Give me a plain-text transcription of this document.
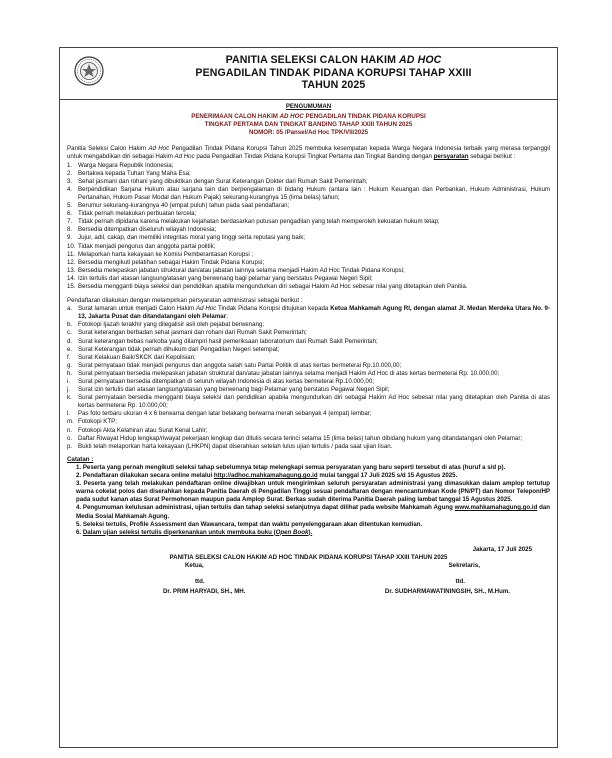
PANITIA SELEKSI CALON HAKIM AD HOC
PENGADILAN TINDAK PIDANA KORUPSI TAHAP XXIII
TAHUN 2025
PENGUMUMAN
PENERIMAAN CALON HAKIM AD HOC PENGADILAN TINDAK PIDANA KORUPSI
TINGKAT PERTAMA DAN TINGKAT BANDING TAHAP XXIII TAHUN 2025
NOMOR: 05 /Pansel/Ad Hoc TPK/VII/2025
Panitia Seleksi Calon Hakim Ad Hoc Pengadilan Tindak Pidana Korupsi Tahun 2025 membuka kesempatan kepada Warga Negara Indonesia terbaik yang merasa terpanggil untuk mengabdikan diri sebagai Hakim Ad Hoc pada Pengadilan Tindak Pidana Korupsi Tingkat Pertama dan Tingkat Banding dengan persyaratan sebagai berikut :
1. Warga Negara Republik Indonesia;
2. Bertakwa kepada Tuhan Yang Maha Esa;
3. Sehat jasmani dan rohani yang dibuktikan dengan Surat Keterangan Dokter dari Rumah Sakit Pemerintah;
4. Berpendidikan Sarjana Hukum atau sarjana lain dan berpengalaman di bidang Hukum (antara lain : Hukum Keuangan dan Perbankan, Hukum Administrasi, Hukum Pertanahan, Hukum Pasar Modal dan Hukum Pajak) sekurang-kurangnya 15 (lima belas) tahun;
5. Berumur sekurang-kurangnya 40 (empat puluh) tahun pada saat pendaftaran;
6. Tidak pernah melakukan perbuatan tercela;
7. Tidak pernah dipidana karena melakukan kejahatan berdasarkan putusan pengadilan yang telah memperoleh kekuatan hukum tetap;
8. Bersedia ditempatkan diseluruh wilayah Indonesia;
9. Jujur, adil, cakap, dan memiliki integritas moral yang tinggi serta reputasi yang baik;
10. Tidak menjadi pengurus dan anggota partai politik;
11. Melaporkan harta kekayaan ke Komisi Pemberantasan Korupsi ;
12. Bersedia mengikuti pelatihan sebagai Hakim Tindak Pidana Korupsi;
13. Bersedia melepaskan jabatan struktural dan/atau jabatan lainnya selama menjadi Hakim Ad Hoc Tindak Pidana Korupsi;
14. Izin tertulis dari atasan langsung/atasan yang berwenang bagi pelamar yang berstatus Pegawai Negeri Sipil;
15. Bersedia mengganti biaya seleksi dan pendidikan apabila mengundurkan diri sebagai Hakim Ad Hoc sebesar nilai yang ditetapkan oleh Panitia.
Pendaftaran dilakukan dengan melampirkan persyaratan administrasi sebagai berikut :
a. Surat lamaran untuk menjadi Calon Hakim Ad Hoc Tindak Pidana Korupsi ditujukan kepada Ketua Mahkamah Agung RI, dengan alamat Jl. Medan Merdeka Utara No. 9-13, Jakarta Pusat dan ditandatangani oleh Pelamar;
b. Fotokopi Ijazah terakhir yang dilegalisir asli oleh pejabat berwenang;
c. Surat keterangan berbadan sehat jasmani dan rohani dari Rumah Sakit Pemerintah;
d. Surat keterangan bebas narkoba yang dilampiri hasil pemeriksaan laboratorium dari Rumah Sakit Pemerintah;
e. Surat Keterangan tidak pernah dihukum dari Pengadilan Negeri setempat;
f. Surat Kelakuan Baik/SKCK dari Kepolisian;
g. Surat pernyataan tidak menjadi pengurus dan anggota salah satu Partai Politik di atas kertas bermeterai Rp.10.000,00;
h. Surat pernyataan bersedia melepaskan jabatan struktural dan/atau jabatan lainnya selama menjadi Hakim Ad Hoc di atas kertas bermeterai Rp. 10.000,00;
i. Surat pernyataan bersedia ditempatkan di seluruh wilayah Indonesia di atas kertas bermeterai Rp.10.000,00;
j. Surat izin tertulis dari atasan langsung/atasan yang berwenang bagi Pelamar yang berstatus Pegawai Negeri Sipil;
k. Surat pernyataan bersedia mengganti biaya seleksi dan pendidikan apabila mengundurkan diri sebagai Hakim Ad Hoc sebesar nilai yang ditetapkan oleh Panitia di atas kertas bermeterai Rp. 10.000,00;
l. Pas foto terbaru ukuran 4 x 6 berwarna dengan latar belakang berwarna merah sebanyak 4 (empat) lembar;
m. Fotokopi KTP;
n. Fotokopi Akta Kelahiran atau Surat Kenal Lahir;
o. Daftar Riwayat Hidup lengkap/riwayat pekerjaan lengkap dan ditulis secara terinci selama 15 (lima belas) tahun dibidang hukum yang ditandatangani oleh Pelamar;
p. Bukti telah melaporkan harta kekayaan (LHKPN) dapat diserahkan setelah lulus ujian tertulis / pada saat ujian lisan.
Catatan :
1. Peserta yang pernah mengikuti seleksi tahap sebelumnya tetap melengkapi semua persyaratan yang baru seperti tersebut di atas (huruf a s/d p).
2. Pendaftaran dilakukan secara online melalui http://adhoc.mahkamahagung.go.id mulai tanggal 17 Juli 2025 s/d 15 Agustus 2025.
3. Peserta yang telah melakukan pendaftaran online diwajibkan untuk mengirimkan seluruh persyaratan administrasi yang dimasukkan dalam amplop tertutup warna cokelat polos dan diserahkan kepada Panitia Daerah di Pengadilan Tinggi sesuai pendaftaran dengan mencantumkan Kode (PN/PT) dan Nomor Telepon/HP pada sudut kanan atas Surat Permohonan maupun pada Amplop Surat. Berkas sudah diterima Panitia Daerah paling lambat tanggal 15 Agustus 2025.
4. Pengumuman kelulusan administrasi, ujian tertulis dan tahap seleksi selanjutnya dapat dilihat pada website Mahkamah Agung www.mahkamahagung.go.id dan Media Sosial Mahkamah Agung.
5. Seleksi tertulis, Profile Assessment dan Wawancara, tempat dan waktu penyelenggaraan akan ditentukan kemudian.
6. Dalam ujian seleksi tertulis diperkenankan untuk membuka buku (Open Book).
Jakarta, 17 Juli 2025
PANITIA SELEKSI CALON HAKIM AD HOC TINDAK PIDANA KORUPSI TAHAP XXIII TAHUN 2025
Ketua,	Sekretaris,
ttd.	ttd.
Dr. PRIM HARYADI, SH., MH.	Dr. SUDHARMAWATININGSIH, SH., M.Hum.
